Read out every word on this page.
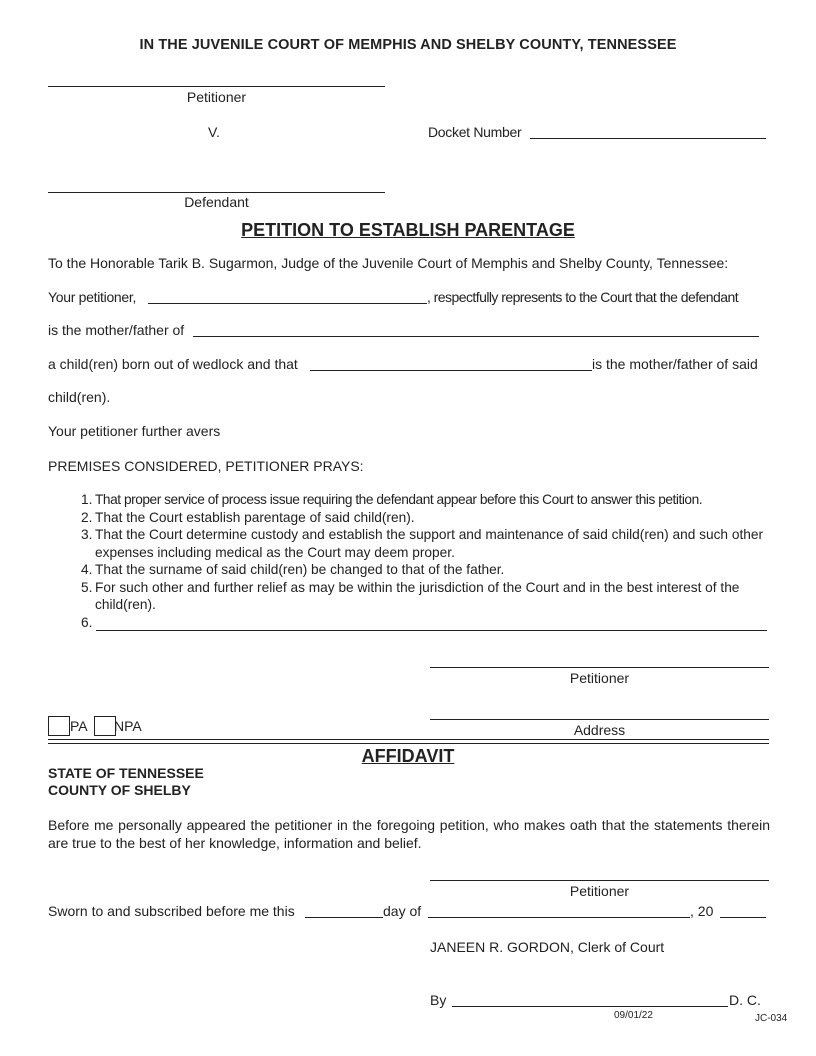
IN THE JUVENILE COURT OF MEMPHIS AND SHELBY COUNTY, TENNESSEE
Petitioner
V.	Docket Number
Defendant
PETITION TO ESTABLISH PARENTAGE
To the Honorable Tarik B. Sugarmon, Judge of the Juvenile Court of Memphis and Shelby County, Tennessee:
Your petitioner,	, respectfully represents to the Court that the defendant
is the mother/father of
a child(ren) born out of wedlock and that	is the mother/father of said
child(ren).
Your petitioner further avers
PREMISES CONSIDERED, PETITIONER PRAYS:
1. That proper service of process issue requiring the defendant appear before this Court to answer this petition.
2. That the Court establish parentage of said child(ren).
3. That the Court determine custody and establish the support and maintenance of said child(ren) and such other expenses including medical as the Court may deem proper.
4. That the surname of said child(ren) be changed to that of the father.
5. For such other and further relief as may be within the jurisdiction of the Court and in the best interest of the child(ren).
6.
Petitioner
Address
PA NPA
AFFIDAVIT
STATE OF TENNESSEE
COUNTY OF SHELBY
Before me personally appeared the petitioner in the foregoing petition, who makes oath that the statements therein are true to the best of her knowledge, information and belief.
Petitioner
Sworn to and subscribed before me this	day of	, 20
JANEEN R. GORDON, Clerk of Court
By	D. C.
09/01/22	JC-034
